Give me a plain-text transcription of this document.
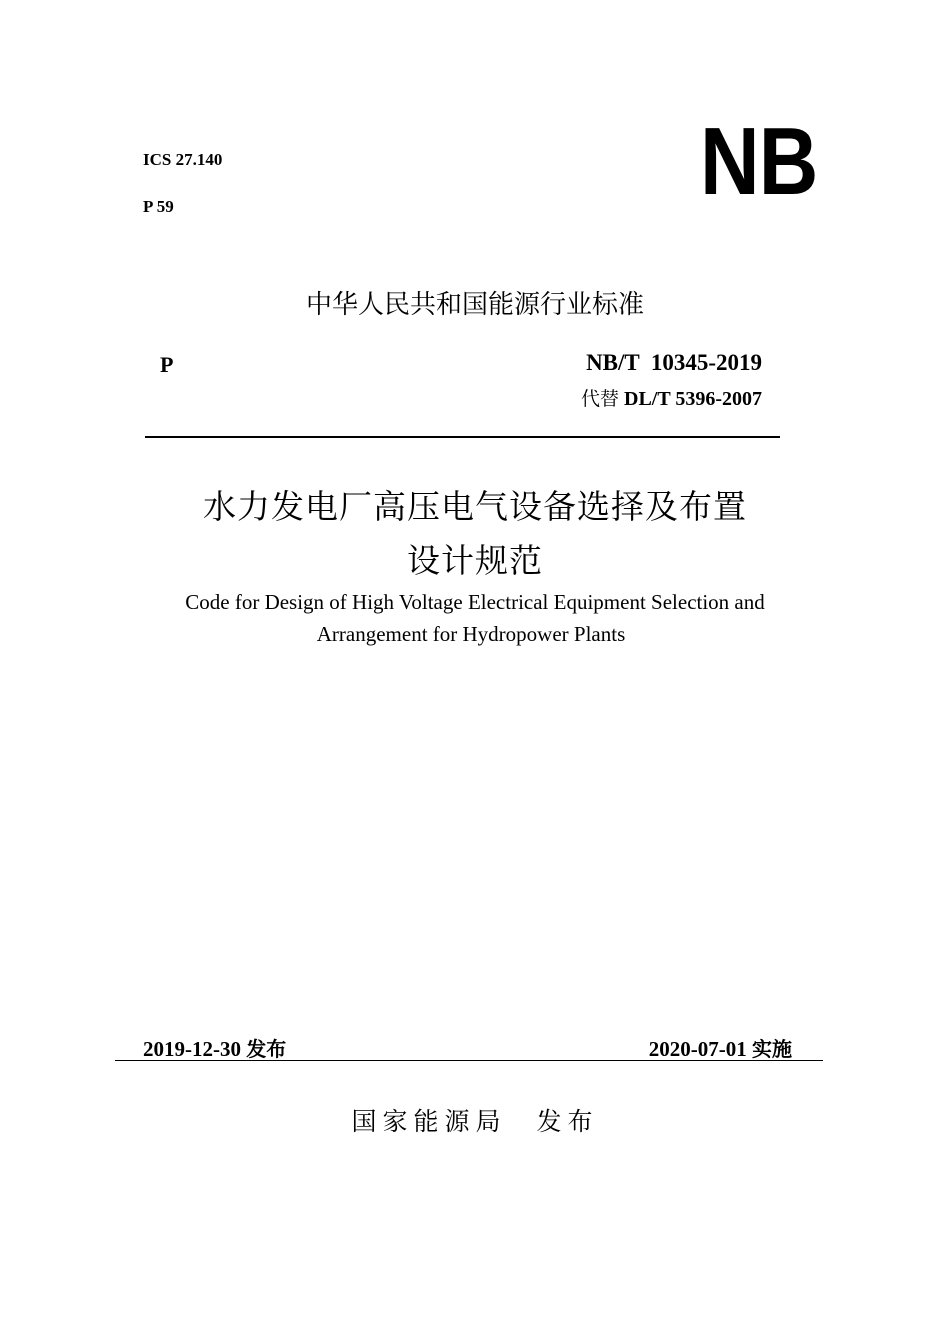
ICS 27.140
P 59	NB
中华人民共和国能源行业标准
P	NB/T  10345-2019
代替 DL/T 5396-2007
水力发电厂高压电气设备选择及布置
设计规范
Code for Design of High Voltage Electrical Equipment Selection and
Arrangement for Hydropower Plants
2019-12-30 发布	2020-07-01 实施
国家能源局 发布
